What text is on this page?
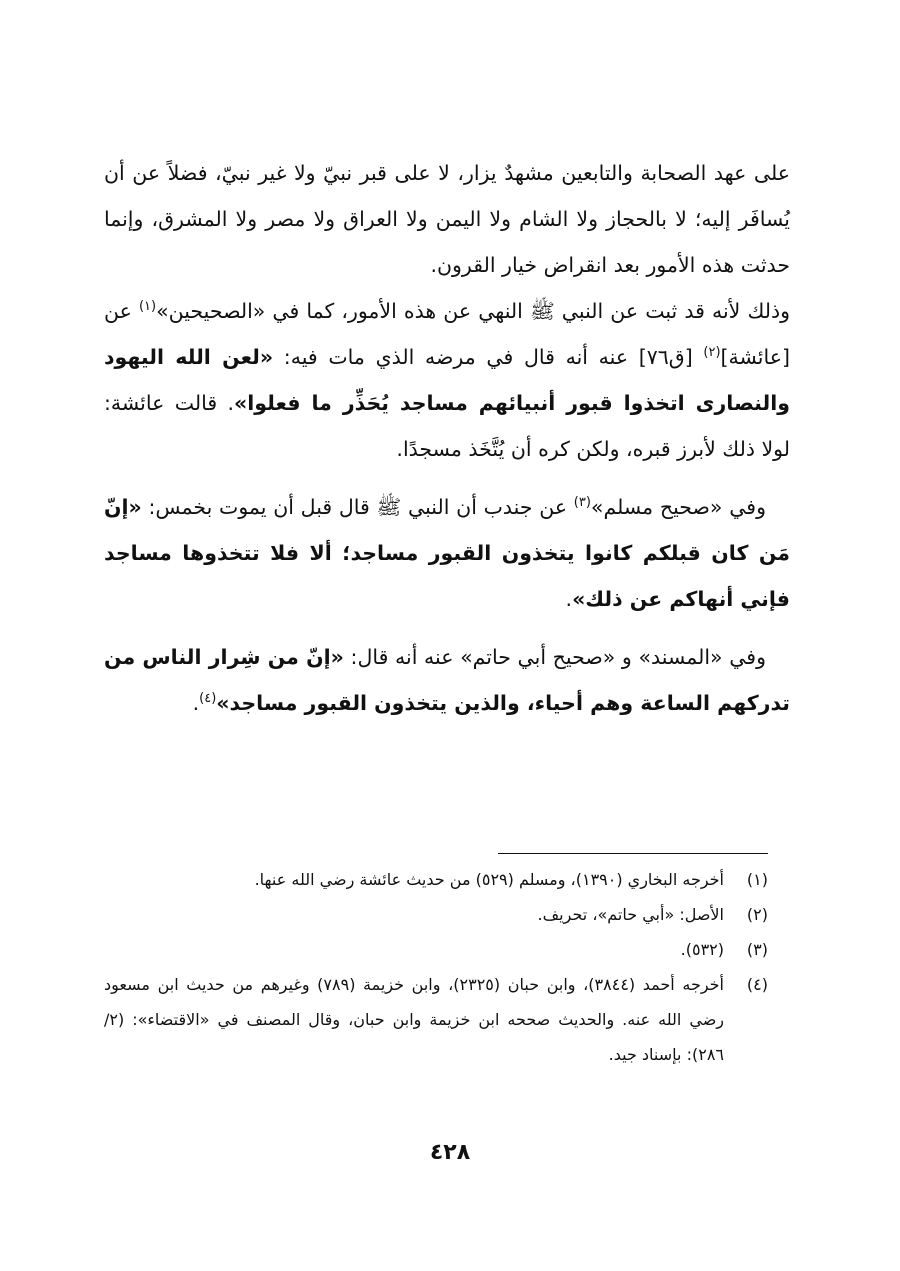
على عهد الصحابة والتابعين مشهدٌ يزار، لا على قبر نبيّ ولا غير نبيّ، فضلاً عن أن يُسافَر إليه؛ لا بالحجاز ولا الشام ولا اليمن ولا العراق ولا مصر ولا المشرق، وإنما حدثت هذه الأمور بعد انقراض خيار القرون.

وذلك لأنه قد ثبت عن النبي ﷺ النهي عن هذه الأمور، كما في «الصحيحين»$^{(١)}$ عن [عائشة]$^{(٢)}$ [ق٧٦] عنه أنه قال في مرضه الذي مات فيه: «لعن الله اليهود والنصارى اتخذوا قبور أنبيائهم مساجد يُحَذِّر ما فعلوا». قالت عائشة: لولا ذلك لأبرز قبره، ولكن كره أن يُتَّخَذ مسجدًا.

وفي «صحيح مسلم»$^{(٣)}$ عن جندب أن النبي ﷺ قال قبل أن يموت بخمس: «إنّ مَن كان قبلكم كانوا يتخذون القبور مساجد؛ ألا فلا تتخذوها مساجد فإني أنهاكم عن ذلك».

وفي «المسند» و «صحيح أبي حاتم» عنه أنه قال: «إنّ من شِرار الناس من تدركهم الساعة وهم أحياء، والذين يتخذون القبور مساجد»$^{(٤)}$.

(١)
أخرجه البخاري (١٣٩٠)، ومسلم (٥٢٩) من حديث عائشة رضي الله عنها.
(٢)
الأصل: «أبي حاتم»، تحريف.
(٣)
(٥٣٢).
(٤)
أخرجه أحمد (٣٨٤٤)، وابن حبان (٢٣٢٥)، وابن خزيمة (٧٨٩) وغيرهم من حديث ابن مسعود رضي الله عنه. والحديث صححه ابن خزيمة وابن حبان، وقال المصنف في «الاقتضاء»: (٢/ ٢٨٦): بإسناد جيد.
٤٢٨
